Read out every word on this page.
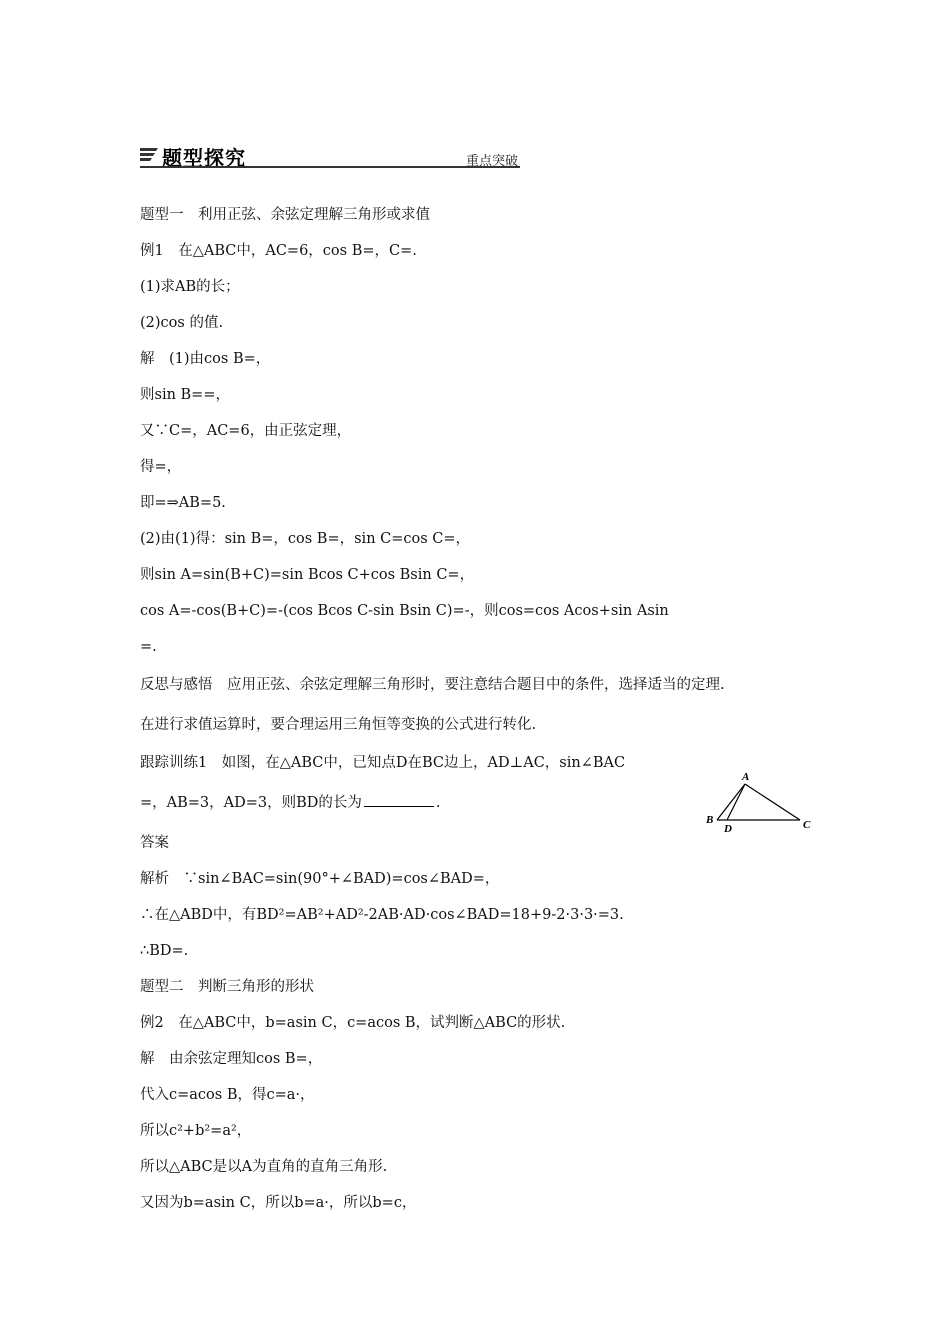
题型探究	重点突破
题型一　利用正弦、余弦定理解三角形或求值
例1　在△ABC中，AC=6，cos B=，C=.
(1)求AB的长；
(2)cos 的值.
解　(1)由cos B=，
则sin B==，
又∵C=，AC=6，由正弦定理，
得=，
即=⇒AB=5.
(2)由(1)得：sin B=，cos B=，sin C=cos C=，
则sin A=sin(B+C)=sin Bcos C+cos Bsin C=，
cos A=-cos(B+C)=-(cos Bcos C-sin Bsin C)=-，则cos=cos Acos+sin Asin
=.
反思与感悟　应用正弦、余弦定理解三角形时，要注意结合题目中的条件，选择适当的定理.
在进行求值运算时，要合理运用三角恒等变换的公式进行转化.
跟踪训练1　如图，在△ABC中，已知点D在BC边上，AD⊥AC，sin∠BAC
=，AB=3，AD=3，则BD的长为	.
答案
解析　∵sin∠BAC=sin(90°+∠BAD)=cos∠BAD=，
∴在△ABD中，有BD²=AB²+AD²-2AB·AD·cos∠BAD=18+9-2·3·3·=3.
∴BD=.
题型二　判断三角形的形状
例2　在△ABC中，b=asin C，c=acos B，试判断△ABC的形状.
解　由余弦定理知cos B=，
代入c=acos B，得c=a·，
所以c²+b²=a²，
所以△ABC是以A为直角的直角三角形.
又因为b=asin C，所以b=a·，所以b=c，
A
B
D	C
